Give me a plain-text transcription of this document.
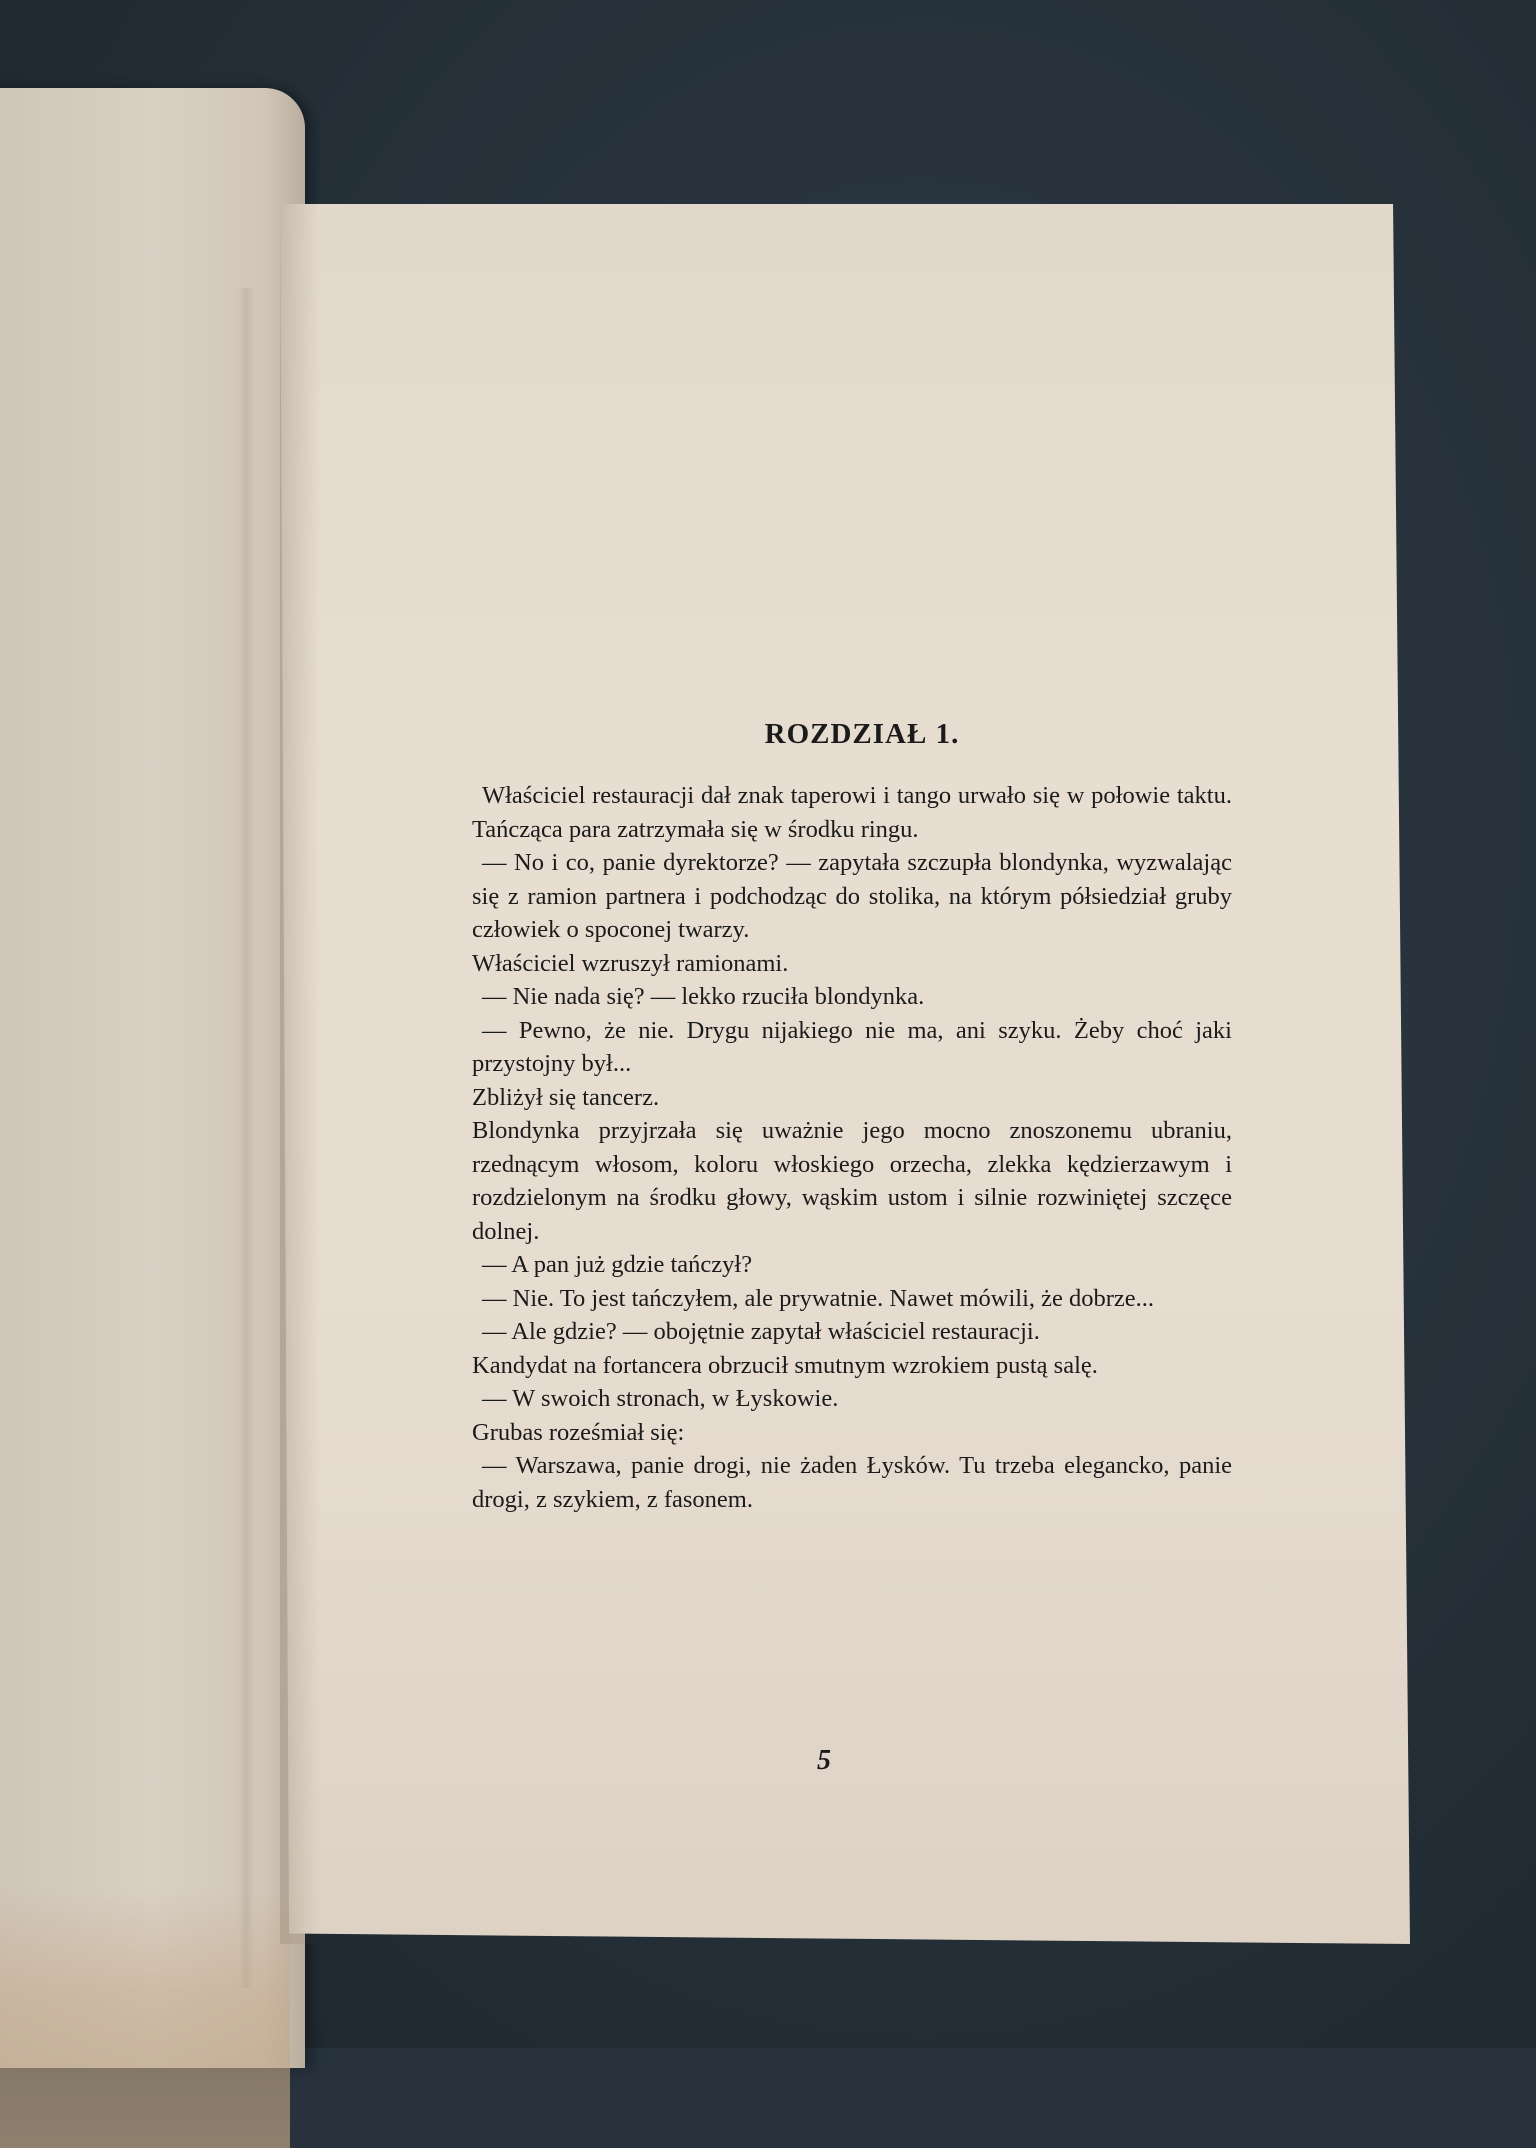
ROZDZIAŁ 1.

Właściciel restauracji dał znak taperowi i tango urwało się w połowie taktu. Tańcząca para zatrzymała się w środku ringu.

— No i co, panie dyrektorze? — zapytała szczupła blondynka, wyzwalając się z ramion partnera i podchodząc do stolika, na którym półsiedział gruby człowiek o spoconej twarzy.

Właściciel wzruszył ramionami.

— Nie nada się? — lekko rzuciła blondynka.

— Pewno, że nie. Drygu nijakiego nie ma, ani szyku. Żeby choć jaki przystojny był...

Zbliżył się tancerz.

Blondynka przyjrzała się uważnie jego mocno znoszonemu ubraniu, rzednącym włosom, koloru włoskiego orzecha, zlekka kędzierzawym i rozdzielonym na środku głowy, wąskim ustom i silnie rozwiniętej szczęce dolnej.

— A pan już gdzie tańczył?

— Nie. To jest tańczyłem, ale prywatnie. Nawet mówili, że dobrze...

— Ale gdzie? — obojętnie zapytał właściciel restauracji.

Kandydat na fortancera obrzucił smutnym wzrokiem pustą salę.

— W swoich stronach, w Łyskowie.

Grubas roześmiał się:

— Warszawa, panie drogi, nie żaden Łysków. Tu trzeba elegancko, panie drogi, z szykiem, z fasonem.

5
